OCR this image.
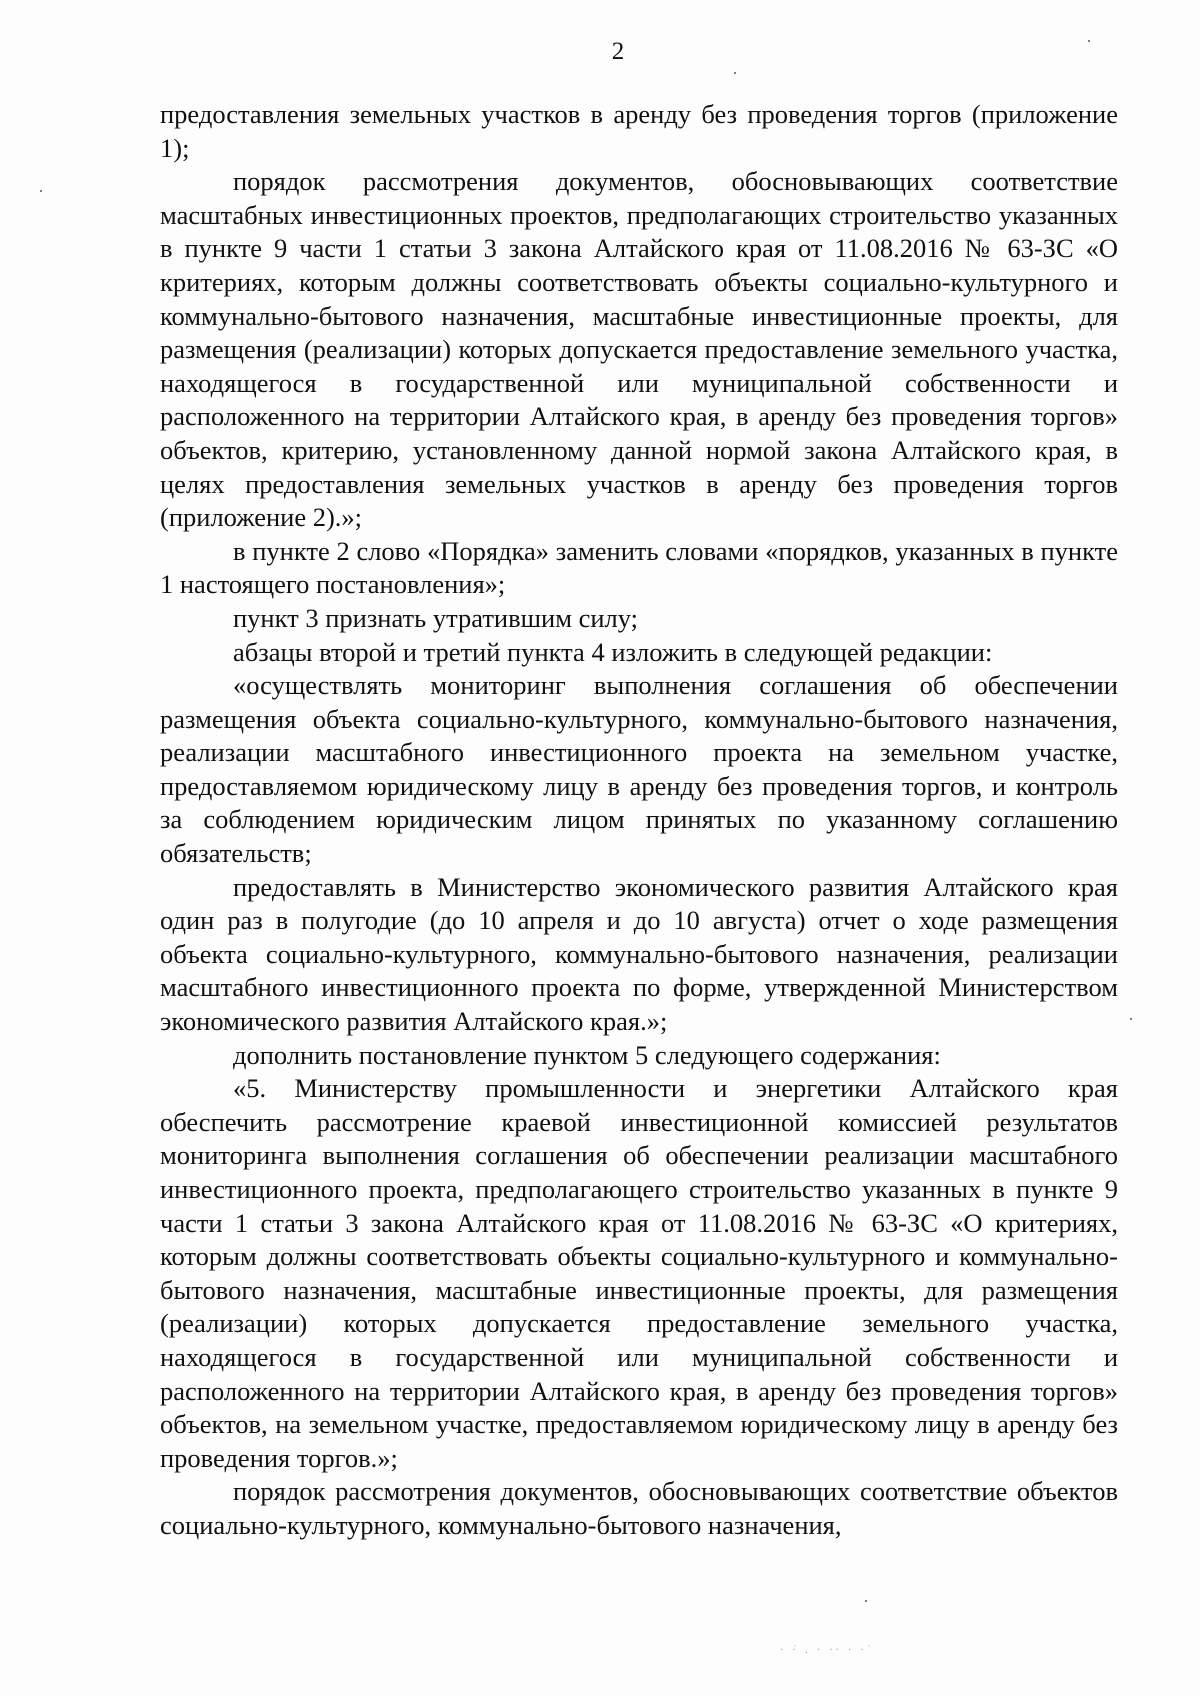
2

предоставления земельных участков в аренду без проведения торгов (приложение 1);

порядок рассмотрения документов, обосновывающих соответствие масштабных инвестиционных проектов, предполагающих строительство указанных в пункте 9 части 1 статьи 3 закона Алтайского края от 11.08.2016 № 63-ЗС «О критериях, которым должны соответствовать объекты социально-культурного и коммунально-бытового назначения, масштабные инвестиционные проекты, для размещения (реализации) которых допускается предоставление земельного участка, находящегося в государственной или муниципальной собственности и расположенного на территории Алтайского края, в аренду без проведения торгов» объектов, критерию, установленному данной нормой закона Алтайского края, в целях предоставления земельных участков в аренду без проведения торгов (приложение 2).»;

в пункте 2 слово «Порядка» заменить словами «порядков, указанных в пункте 1 настоящего постановления»;

пункт 3 признать утратившим силу;

абзацы второй и третий пункта 4 изложить в следующей редакции:

«осуществлять мониторинг выполнения соглашения об обеспечении размещения объекта социально-культурного, коммунально-бытового назначения, реализации масштабного инвестиционного проекта на земельном участке, предоставляемом юридическому лицу в аренду без проведения торгов, и контроль за соблюдением юридическим лицом принятых по указанному соглашению обязательств;

предоставлять в Министерство экономического развития Алтайского края один раз в полугодие (до 10 апреля и до 10 августа) отчет о ходе размещения объекта социально-культурного, коммунально-бытового назначения, реализации масштабного инвестиционного проекта по форме, утвержденной Министерством экономического развития Алтайского края.»;

дополнить постановление пунктом 5 следующего содержания:

«5. Министерству промышленности и энергетики Алтайского края обеспечить рассмотрение краевой инвестиционной комиссией результатов мониторинга выполнения соглашения об обеспечении реализации масштабного инвестиционного проекта, предполагающего строительство указанных в пункте 9 части 1 статьи 3 закона Алтайского края от 11.08.2016 № 63-ЗС «О критериях, которым должны соответствовать объекты социально-культурного и коммунально-бытового назначения, масштабные инвестиционные проекты, для размещения (реализации) которых допускается предоставление земельного участка, находящегося в государственной или муниципальной собственности и расположенного на территории Алтайского края, в аренду без проведения торгов» объектов, на земельном участке, предоставляемом юридическому лицу в аренду без проведения торгов.»;

порядок рассмотрения документов, обосновывающих соответствие объектов социально-культурного, коммунально-бытового назначения,

· ·͘ . · ·· · ·˙
